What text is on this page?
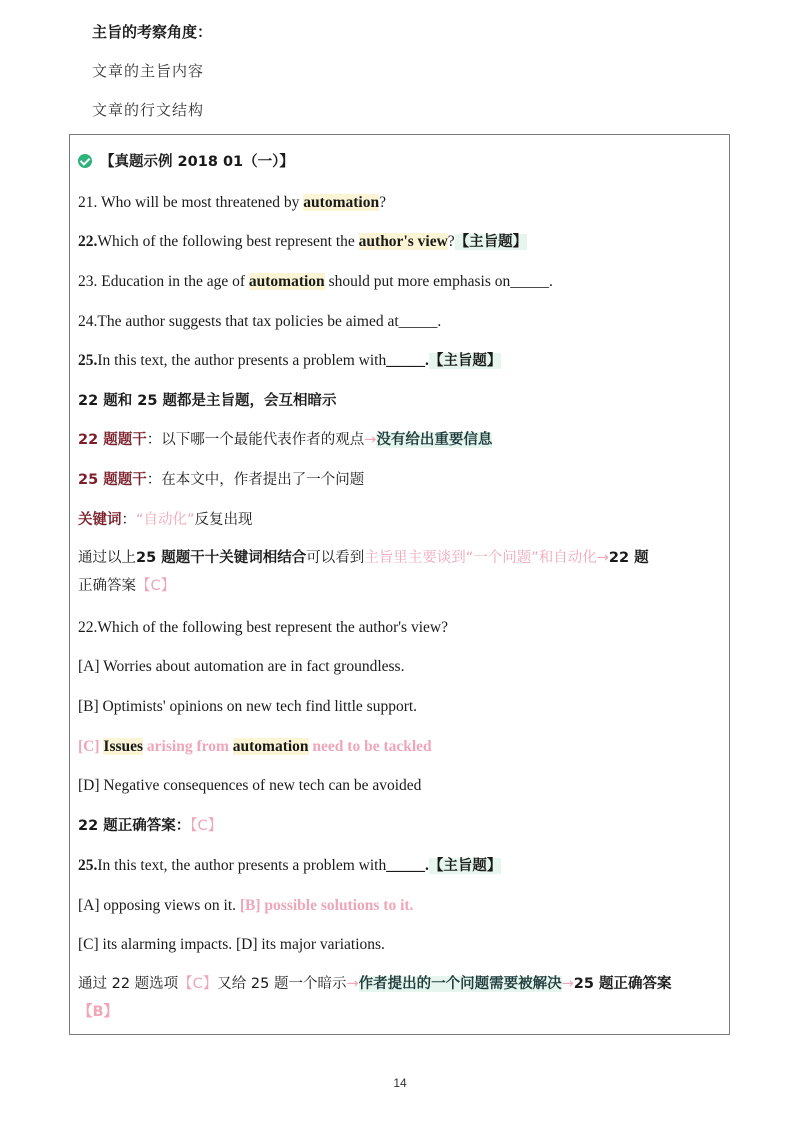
主旨的考察角度：
文章的主旨内容
文章的行文结构
【真题示例 2018 01（一）】
21. Who will be most threatened by automation?
22.Which of the following best represent the author's view?【主旨题】
23. Education in the age of automation should put more emphasis on_____.
24.The author suggests that tax policies be aimed at_____.
25.In this text, the author presents a problem with_____.【主旨题】
22 题和 25 题都是主旨题，会互相暗示
22 题题干：以下哪一个最能代表作者的观点→没有给出重要信息
25 题题干：在本文中，作者提出了一个问题
关键词：“自动化”反复出现
通过以上25 题题干十关键词相结合可以看到主旨里主要谈到“一个问题”和自动化→22 题
正确答案【C】
22.Which of the following best represent the author's view?
[A] Worries about automation are in fact groundless.
[B] Optimists' opinions on new tech find little support.
[C] Issues arising from automation need to be tackled
[D] Negative consequences of new tech can be avoided
22 题正确答案：【C】
25.In this text, the author presents a problem with_____.【主旨题】
[A] opposing views on it. [B] possible solutions to it.
[C] its alarming impacts. [D] its major variations.
通过 22 题选项【C】又给 25 题一个暗示→作者提出的一个问题需要被解决→25 题正确答案
【B】
14
